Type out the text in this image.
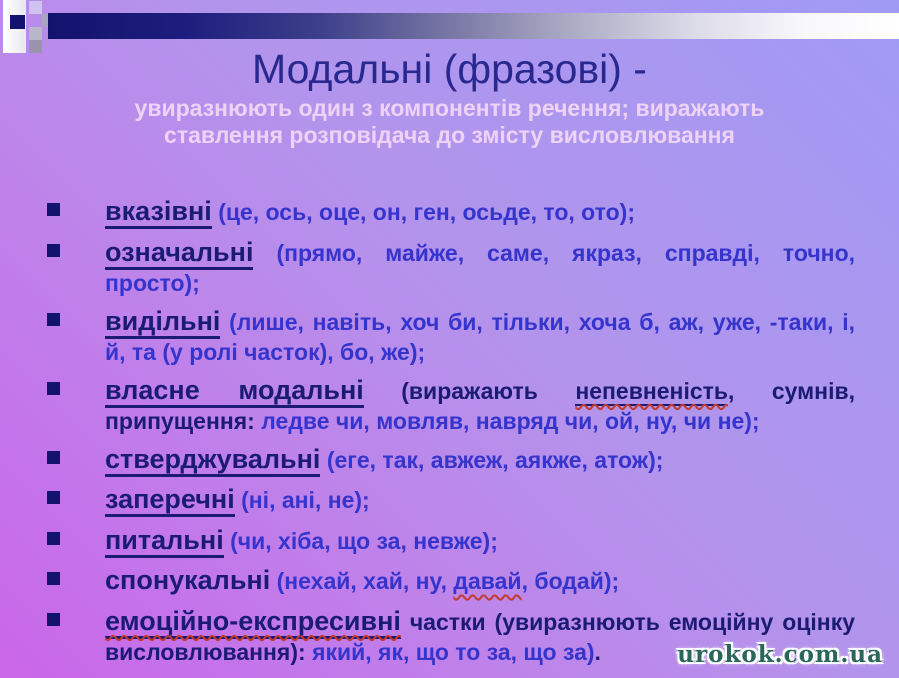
Модальні (фразові) -
увиразнюють один з компонентів речення; виражають ставлення розповідача до змісту висловлювання
вказівні (це, ось, оце, он, ген, осьде, то, ото);
означальні (прямо, майже, саме, якраз, справді, точно, просто);
видільні (лише, навіть, хоч би, тільки, хоча б, аж, уже, -таки, і, й, та (у ролі часток), бо, же);
власне модальні (виражають непевненість, сумнів, припущення: ледве чи, мовляв, навряд чи, ой, ну, чи не);
стверджувальні (еге, так, авжеж, аякже, атож);
заперечні (ні, ані, не);
питальні (чи, хіба, що за, невже);
спонукальні (нехай, хай, ну, давай, бодай);
емоційно-експресивні частки (увиразнюють емоційну оцінку висловлювання): який, як, що то за, що за).	urokok.com.ua
